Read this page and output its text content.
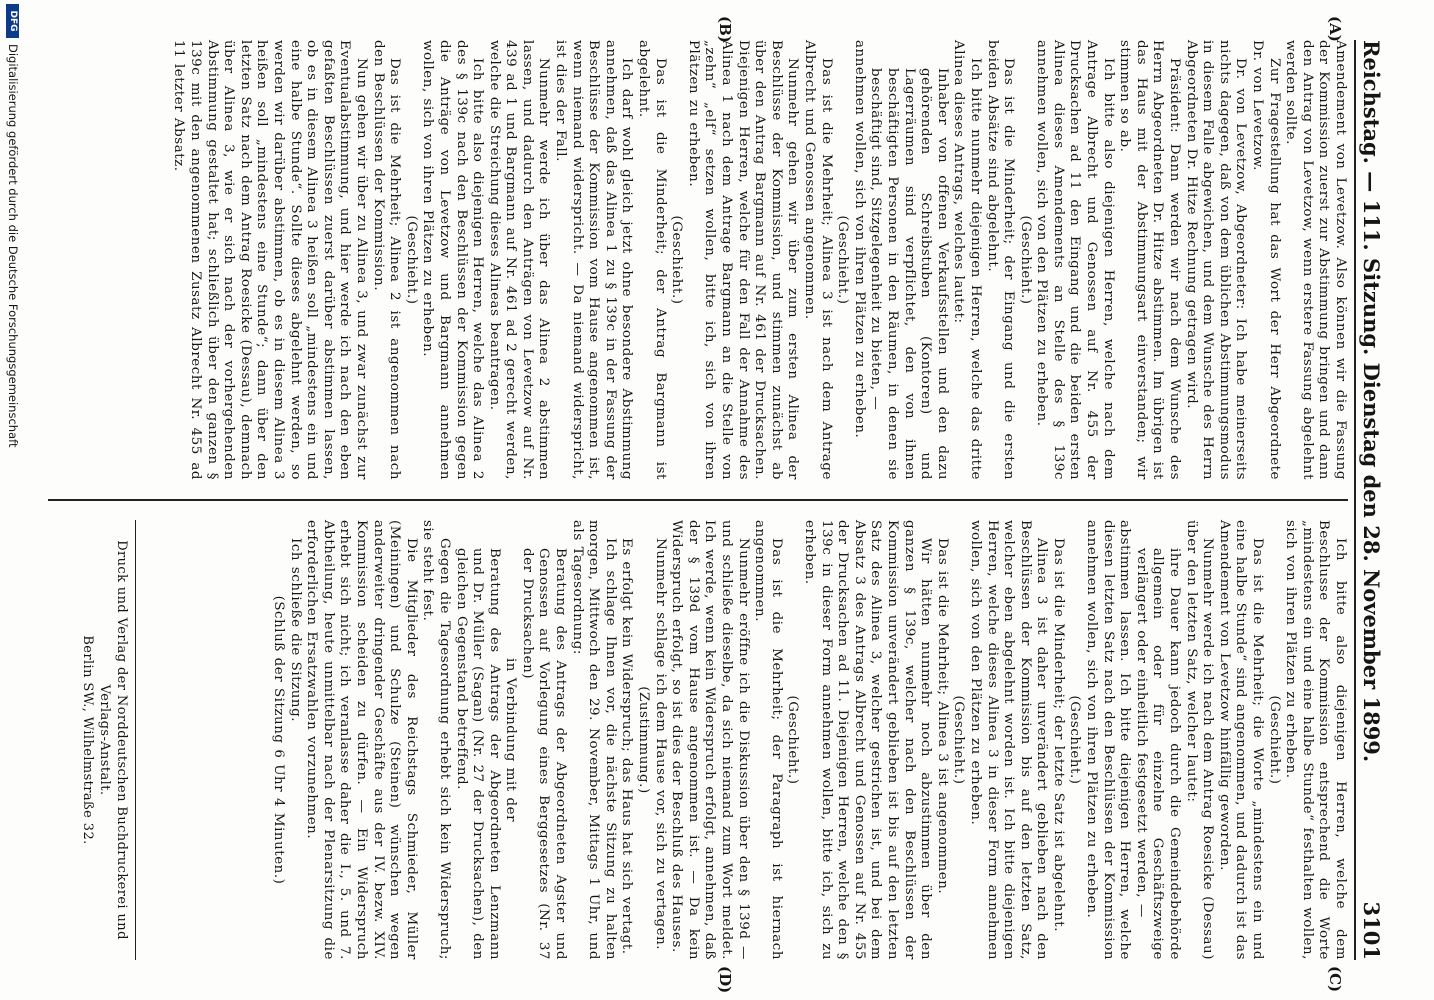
Reichstag. — 111. Sitzung. Dienstag den 28. November 1899.
3101
(A)
(B)
(C)
(D)

Amendement von Levetzow. Also können wir die Fassung der Kommission zuerst zur Abstimmung bringen und dann den Antrag von Levetzow, wenn erstere Fassung abgelehnt werden sollte.

Zur Fragestellung hat das Wort der Herr Abgeordnete Dr. von Levetzow.

Dr. von Levetzow, Abgeordneter: Ich habe meinerseits nichts dagegen, daß von dem üblichen Abstimmungsmodus in diesem Falle abgewichen, und dem Wunsche des Herrn Abgeordneten Dr. Hitze Rechnung getragen wird.

Präsident: Dann werden wir nach dem Wunsche des Herrn Abgeordneten Dr. Hitze abstimmen. Im übrigen ist das Haus mit der Abstimmungsart einverstanden; wir stimmen so ab.

Ich bitte also diejenigen Herren, welche nach dem Antrage Albrecht und Genossen auf Nr. 455 der Drucksachen ad 11 den Eingang und die beiden ersten Alinea dieses Amendements an Stelle des § 139c annehmen wollen, sich von den Plätzen zu erheben.

(Geschieht.)

Das ist die Minderheit; der Eingang und die ersten beiden Absätze sind abgelehnt.

Ich bitte nunmehr diejenigen Herren, welche das dritte Alinea dieses Antrags, welches lautet:

Inhaber von offenen Verkaufsstellen und den dazu gehörenden Schreibstuben (Kontoren) und Lagerräumen sind verpflichtet, den von ihnen beschäftigten Personen in den Räumen, in denen sie beschäftigt sind, Sitzgelegenheit zu bieten, —

annehmen wollen, sich von ihren Plätzen zu erheben.

(Geschieht.)

Das ist die Mehrheit; Alinea 3 ist nach dem Antrage Albrecht und Genossen angenommen.

Nunmehr gehen wir über zum ersten Alinea der Beschlüsse der Kommission, und stimmen zunächst ab über den Antrag Bargmann auf Nr. 461 der Drucksachen. Diejenigen Herren, welche für den Fall der Annahme des Alinea 1 nach dem Antrage Bargmann an die Stelle von „zehn“ „elf“ setzen wollen, bitte ich, sich von ihren Plätzen zu erheben.

(Geschieht.)

Das ist die Minderheit; der Antrag Bargmann ist abgelehnt.

Ich darf wohl gleich jetzt ohne besondere Abstimmung annehmen, daß das Alinea 1 zu § 139c in der Fassung der Beschlüsse der Kommission vom Hause angenommen ist, wenn niemand widerspricht. — Da niemand widerspricht, ist dies der Fall.

Nunmehr werde ich über das Alinea 2 abstimmen lassen, und dadurch den Anträgen von Levetzow auf Nr. 439 ad 1 und Bargmann auf Nr. 461 ad 2 gerecht werden, welche die Streichung dieses Alineas beantragen.

Ich bitte also diejenigen Herren, welche das Alinea 2 des § 139c nach den Beschlüssen der Kommission gegen die Anträge von Levetzow und Bargmann annehmen wollen, sich von ihren Plätzen zu erheben.

(Geschieht.)

Das ist die Mehrheit; Alinea 2 ist angenommen nach den Beschlüssen der Kommission.

Nun gehen wir über zu Alinea 3, und zwar zunächst zur Eventualabstimmung, und hier werde ich nach den eben gefaßten Beschlüssen zuerst darüber abstimmen lassen, ob es in diesem Alinea 3 heißen soll „mindestens ein und eine halbe Stunde“. Sollte dieses abgelehnt werden, so werden wir darüber abstimmen, ob es in diesem Alinea 3 heißen soll „mindestens eine Stunde“; dann über den letzten Satz nach dem Antrag Roesicke (Dessau), demnach über Alinea 3, wie er sich nach der vorhergehenden Abstimmung gestaltet hat; schließlich über den ganzen § 139c mit den angenommenen Zusatz Albrecht Nr. 455 ad 11 letzter Absatz.

Ich bitte also diejenigen Herren, welche dem Beschlusse der Kommission entsprechend die Worte „mindestens ein und eine halbe Stunde“ festhalten wollen, sich von ihren Plätzen zu erheben.

(Geschieht.)

Das ist die Mehrheit; die Worte „mindestens ein und eine halbe Stunde“ sind angenommen, und dadurch ist das Amendement von Levetzow hinfällig geworden.

Nunmehr werde ich nach dem Antrag Roesicke (Dessau) über den letzten Satz, welcher lautet:

ihre Dauer kann jedoch durch die Gemeindebehörde allgemein oder für einzelne Geschäftszweige verlängert oder einheitlich festgesetzt werden, —

abstimmen lassen. Ich bitte diejenigen Herren, welche diesen letzten Satz nach den Beschlüssen der Kommission annehmen wollen, sich von ihren Plätzen zu erheben.

(Geschieht.)

Das ist die Minderheit; der letzte Satz ist abgelehnt.

Alinea 3 ist daher unverändert geblieben nach den Beschlüssen der Kommission bis auf den letzten Satz, welcher eben abgelehnt worden ist. Ich bitte diejenigen Herren, welche dieses Alinea 3 in dieser Form annehmen wollen, sich von den Plätzen zu erheben.

(Geschieht.)

Das ist die Mehrheit; Alinea 3 ist angenommen.

Wir hätten nunmehr noch abzustimmen über den ganzen § 139c, welcher nach den Beschlüssen der Kommission unverändert geblieben ist bis auf den letzten Satz des Alinea 3, welcher gestrichen ist, und bei dem Absatz 3 des Antrags Albrecht und Genossen auf Nr. 455 der Drucksachen ad 11. Diejenigen Herren, welche den § 139c in dieser Form annehmen wollen, bitte ich, sich zu erheben.

(Geschieht.)

Das ist die Mehrheit; der Paragraph ist hiernach angenommen.

Nunmehr eröffne ich die Diskussion über den § 139d — und schließe dieselbe, da sich niemand zum Wort meldet. Ich werde, wenn kein Widerspruch erfolgt, annehmen, daß der § 139d vom Hause angenommen ist. — Da kein Widerspruch erfolgt, so ist dies der Beschluß des Hauses.

Nunmehr schlage ich dem Hause vor, sich zu vertagen.

(Zustimmung.)

Es erfolgt kein Widerspruch; das Haus hat sich vertagt.

Ich schlage Ihnen vor, die nächste Sitzung zu halten morgen, Mittwoch den 29. November, Mittags 1 Uhr, und als Tagesordnung:

Beratung des Antrags der Abgeordneten Agster und Genossen auf Vorlegung eines Berggesetzes (Nr. 37 der Drucksachen)

in Verbindung mit der

Beratung des Antrags der Abgeordneten Lenzmann und Dr. Müller (Sagan) (Nr. 27 der Drucksachen), den gleichen Gegenstand betreffend.

Gegen die Tagesordnung erhebt sich kein Widerspruch; sie steht fest.

Die Mitglieder des Reichstags Schmieder, Müller (Meiningen) und Schulze (Steinen) wünschen wegen anderweiter dringender Geschäfte aus der IV. bezw. XIV. Kommission scheiden zu dürfen. — Ein Widerspruch erhebt sich nicht; ich veranlasse daher die I., 5. und 7. Abtheilung, heute unmittelbar nach der Plenarsitzung die erforderlichen Ersatzwahlen vorzunehmen.

Ich schließe die Sitzung.

(Schluß der Sitzung 6 Uhr 4 Minuten.)

Druck und Verlag der Norddeutschen Buchdruckerei und Verlags-Anstalt.
Berlin SW., Wilhelmstraße 32.
DFGDigitalisierung gefördert durch die Deutsche Forschungsgemeinschaft
